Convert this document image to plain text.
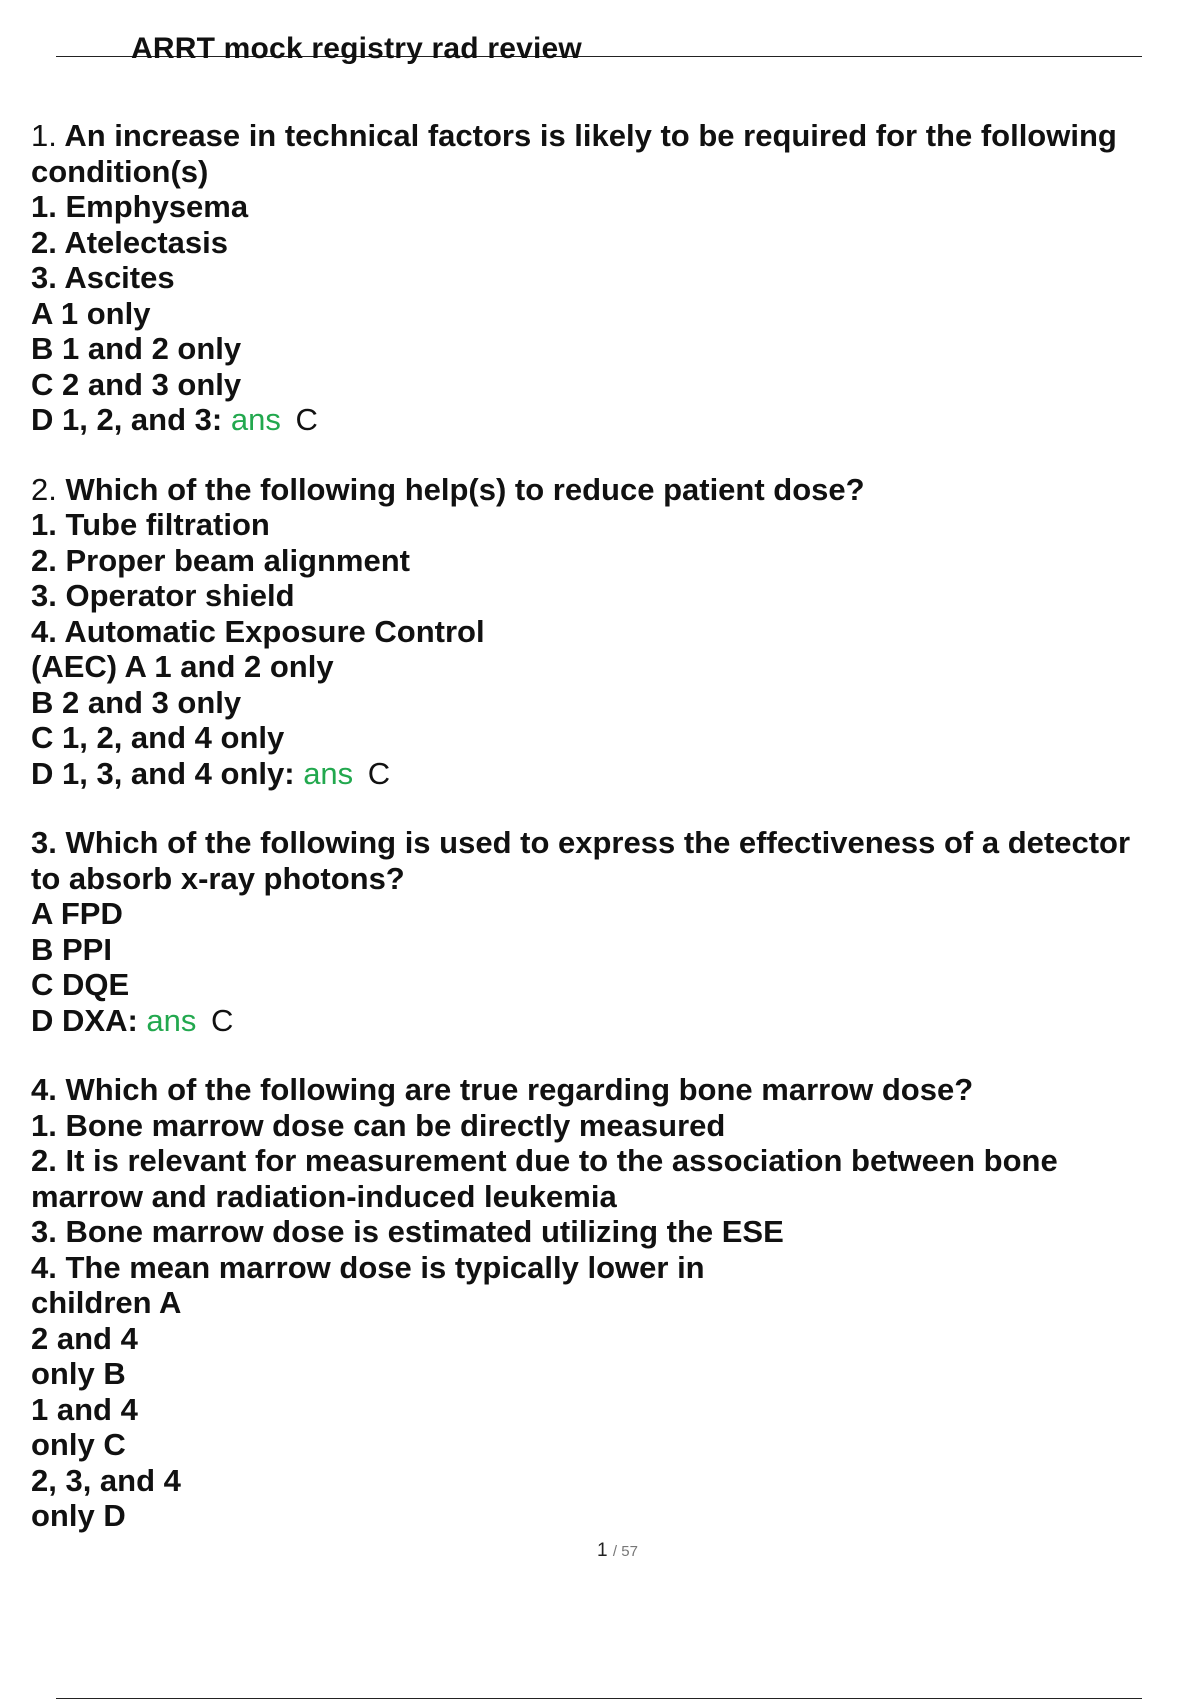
ARRT mock registry rad review
1. An increase in technical factors is likely to be required for the following
condition(s)
1. Emphysema
2. Atelectasis
3. Ascites
A 1 only
B 1 and 2 only
C 2 and 3 only
D 1, 2, and 3: ans C
2. Which of the following help(s) to reduce patient dose?
1. Tube filtration
2. Proper beam alignment
3. Operator shield
4. Automatic Exposure Control
(AEC) A 1 and 2 only
B 2 and 3 only
C 1, 2, and 4 only
D 1, 3, and 4 only: ans C
3. Which of the following is used to express the effectiveness of a detector
to absorb x-ray photons?
A FPD
B PPI
C DQE
D DXA: ans C
4. Which of the following are true regarding bone marrow dose?
1. Bone marrow dose can be directly measured
2. It is relevant for measurement due to the association between bone
marrow and radiation-induced leukemia
3. Bone marrow dose is estimated utilizing the ESE
4. The mean marrow dose is typically lower in
children A
2 and 4
only B
1 and 4
only C
2, 3, and 4
only D
1 / 57
